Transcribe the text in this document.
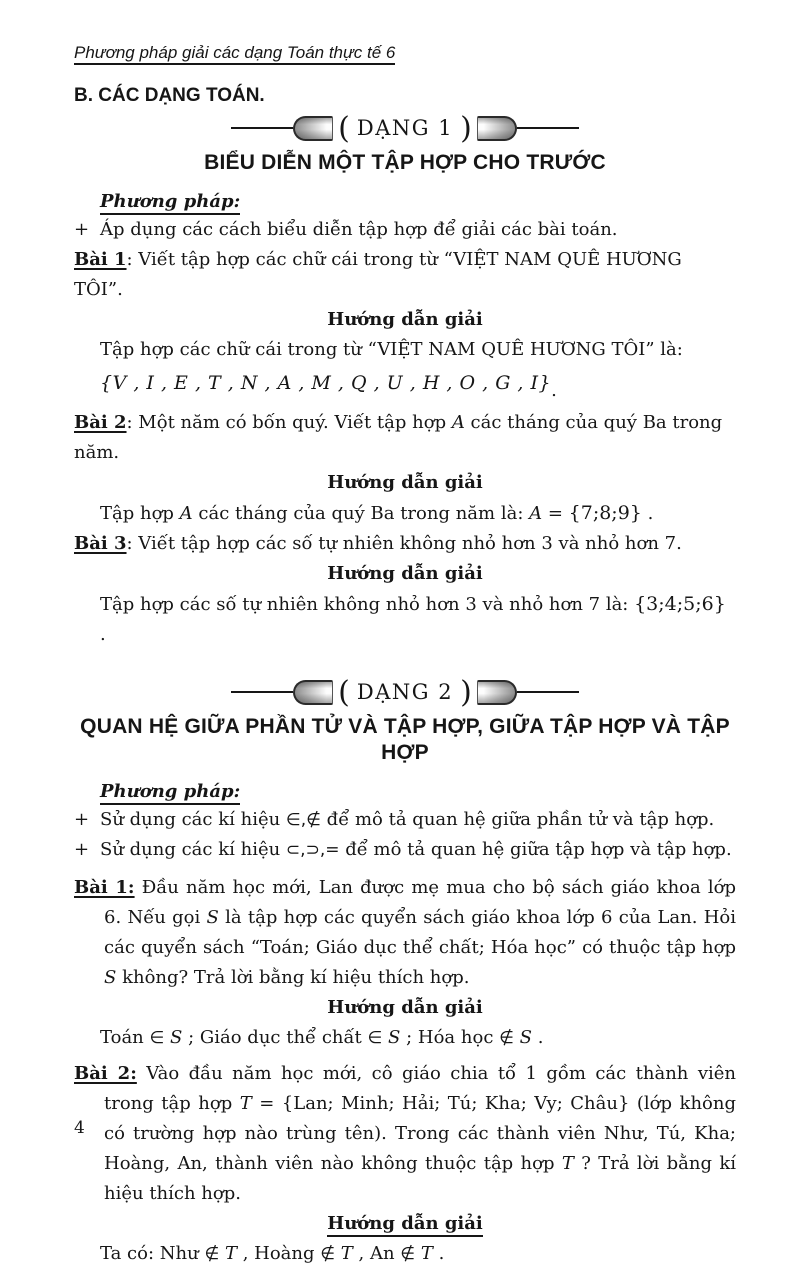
Phương pháp giải các dạng Toán thực tế 6
B. CÁC DẠNG TOÁN.
( DẠNG 1 )
BIỂU DIỄN MỘT TẬP HỢP CHO TRƯỚC

Phương pháp:

+ Áp dụng các cách biểu diễn tập hợp để giải các bài toán.

Bài 1: Viết tập hợp các chữ cái trong từ “VIỆT NAM QUÊ HƯƠNG TÔI”.

Hướng dẫn giải

Tập hợp các chữ cái trong từ “VIỆT NAM QUÊ HƯƠNG TÔI” là:

{V , I , E , T , N , A , M , Q , U , H , O , G , I}.

Bài 2: Một năm có bốn quý. Viết tập hợp A các tháng của quý Ba trong năm.

Hướng dẫn giải

Tập hợp A các tháng của quý Ba trong năm là: A = {7;8;9} .

Bài 3: Viết tập hợp các số tự nhiên không nhỏ hơn 3 và nhỏ hơn 7.

Hướng dẫn giải

Tập hợp các số tự nhiên không nhỏ hơn 3 và nhỏ hơn 7 là: {3;4;5;6} .

( DẠNG 2 )
QUAN HỆ GIỮA PHẦN TỬ VÀ TẬP HỢP, GIỮA TẬP HỢP VÀ TẬP HỢP

Phương pháp:

+ Sử dụng các kí hiệu ∈,∉ để mô tả quan hệ giữa phần tử và tập hợp.

+ Sử dụng các kí hiệu ⊂,⊃,= để mô tả quan hệ giữa tập hợp và tập hợp.

Bài 1: Đầu năm học mới, Lan được mẹ mua cho bộ sách giáo khoa lớp 6. Nếu gọi S là tập hợp các quyển sách giáo khoa lớp 6 của Lan. Hỏi các quyển sách “Toán; Giáo dục thể chất; Hóa học” có thuộc tập hợp S không? Trả lời bằng kí hiệu thích hợp.

Hướng dẫn giải

Toán ∈ S ; Giáo dục thể chất ∈ S ; Hóa học ∉ S .

Bài 2: Vào đầu năm học mới, cô giáo chia tổ 1 gồm các thành viên trong tập hợp T = {Lan; Minh; Hải; Tú; Kha; Vy; Châu} (lớp không có trường hợp nào trùng tên). Trong các thành viên Như, Tú, Kha; Hoàng, An, thành viên nào không thuộc tập hợp T ? Trả lời bằng kí hiệu thích hợp.

Hướng dẫn giải

Ta có: Như ∉ T , Hoàng ∉ T , An ∉ T .

4
